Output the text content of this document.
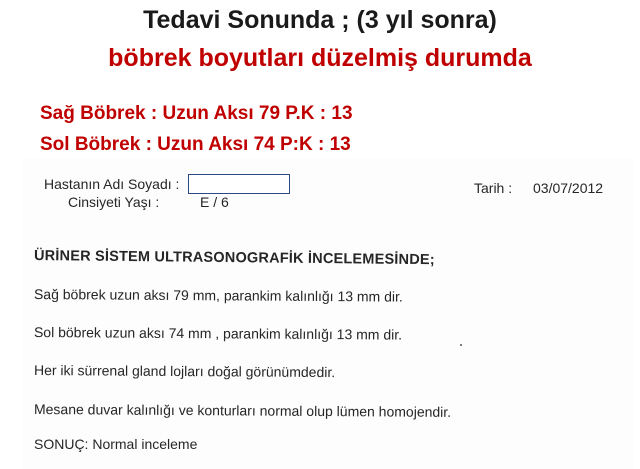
Tedavi Sonunda ; (3 yıl sonra)
böbrek boyutları düzelmiş durumda

Sağ Böbrek : Uzun Aksı 79 P.K : 13

Sol Böbrek : Uzun Aksı 74 P:K : 13

Hastanın Adı Soyadı :

Cinsiyeti Yaşı :	E / 6

Tarih : 03/07/2012

ÜRİNER SİSTEM ULTRASONOGRAFİK İNCELEMESİNDE;

Sağ böbrek uzun aksı 79 mm, parankim kalınlığı 13 mm dir.

Sol böbrek uzun aksı 74 mm , parankim kalınlığı 13 mm dir.

Her iki sürrenal gland lojları doğal görünümdedir.

Mesane duvar kalınlığı ve konturları normal olup lümen homojendir.

SONUÇ: Normal inceleme
